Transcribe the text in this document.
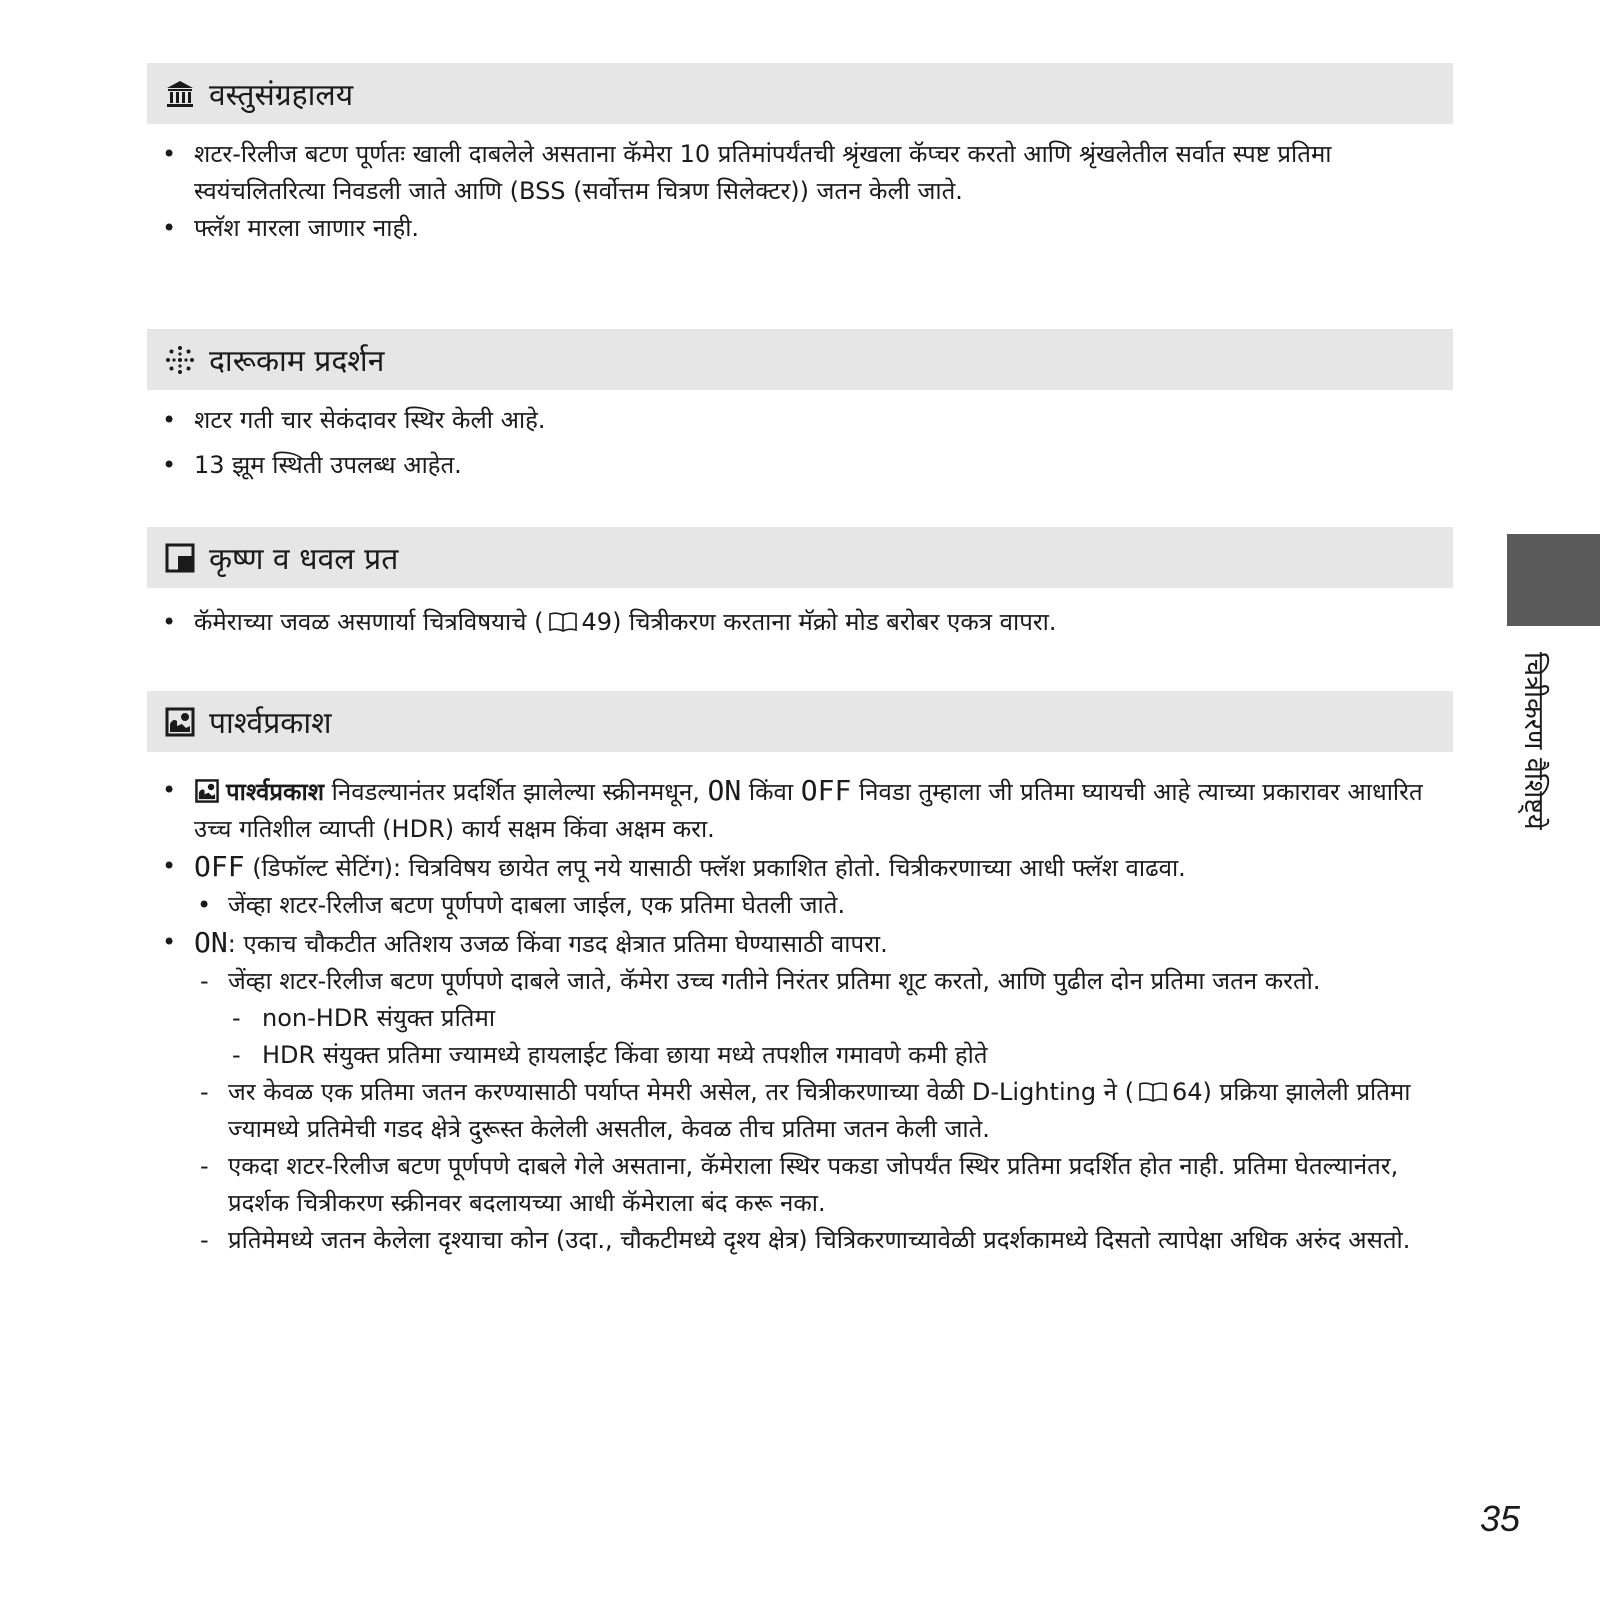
वस्तुसंग्रहालय
• शटर-रिलीज बटण पूर्णतः खाली दाबलेले असताना कॅमेरा 10 प्रतिमांपर्यंतची श्रृंखला कॅप्चर करतो आणि श्रृंखलेतील सर्वात स्पष्ट प्रतिमा स्वयंचलितरित्या निवडली जाते आणि (BSS (सर्वोत्तम चित्रण सिलेक्टर)) जतन केली जाते.
• फ्लॅश मारला जाणार नाही.
दारूकाम प्रदर्शन
• शटर गती चार सेकंदावर स्थिर केली आहे.
• 13 झूम स्थिती उपलब्ध आहेत.
कृष्ण व धवल प्रत
• कॅमेराच्या जवळ असणार्या चित्रविषयाचे ( 49) चित्रीकरण करताना मॅक्रो मोड बरोबर एकत्र वापरा.
पार्श्वप्रकाश
• पार्श्वप्रकाश निवडल्यानंतर प्रदर्शित झालेल्या स्क्रीनमधून, ON किंवा OFF निवडा तुम्हाला जी प्रतिमा घ्यायची आहे त्याच्या प्रकारावर आधारित उच्च गतिशील व्याप्ती (HDR) कार्य सक्षम किंवा अक्षम करा.
• OFF (डिफॉल्ट सेटिंग): चित्रविषय छायेत लपू नये यासाठी फ्लॅश प्रकाशित होतो. चित्रीकरणाच्या आधी फ्लॅश वाढवा.
• जेंव्हा शटर-रिलीज बटण पूर्णपणे दाबला जाईल, एक प्रतिमा घेतली जाते.
• ON: एकाच चौकटीत अतिशय उजळ किंवा गडद क्षेत्रात प्रतिमा घेण्यासाठी वापरा.
- जेंव्हा शटर-रिलीज बटण पूर्णपणे दाबले जाते, कॅमेरा उच्च गतीने निरंतर प्रतिमा शूट करतो, आणि पुढील दोन प्रतिमा जतन करतो.
- non-HDR संयुक्त प्रतिमा
- HDR संयुक्त प्रतिमा ज्यामध्ये हायलाईट किंवा छाया मध्ये तपशील गमावणे कमी होते
- जर केवळ एक प्रतिमा जतन करण्यासाठी पर्याप्त मेमरी असेल, तर चित्रीकरणाच्या वेळी D-Lighting ने ( 64) प्रक्रिया झालेली प्रतिमा ज्यामध्ये प्रतिमेची गडद क्षेत्रे दुरूस्त केलेली असतील, केवळ तीच प्रतिमा जतन केली जाते.
- एकदा शटर-रिलीज बटण पूर्णपणे दाबले गेले असताना, कॅमेराला स्थिर पकडा जोपर्यंत स्थिर प्रतिमा प्रदर्शित होत नाही. प्रतिमा घेतल्यानंतर, प्रदर्शक चित्रीकरण स्क्रीनवर बदलायच्या आधी कॅमेराला बंद करू नका.
- प्रतिमेमध्ये जतन केलेला दृश्याचा कोन (उदा., चौकटीमध्ये दृश्य क्षेत्र) चित्रिकरणाच्यावेळी प्रदर्शकामध्ये दिसतो त्यापेक्षा अधिक अरुंद असतो.
चित्रीकरण वैशिष्ट्ये
35
